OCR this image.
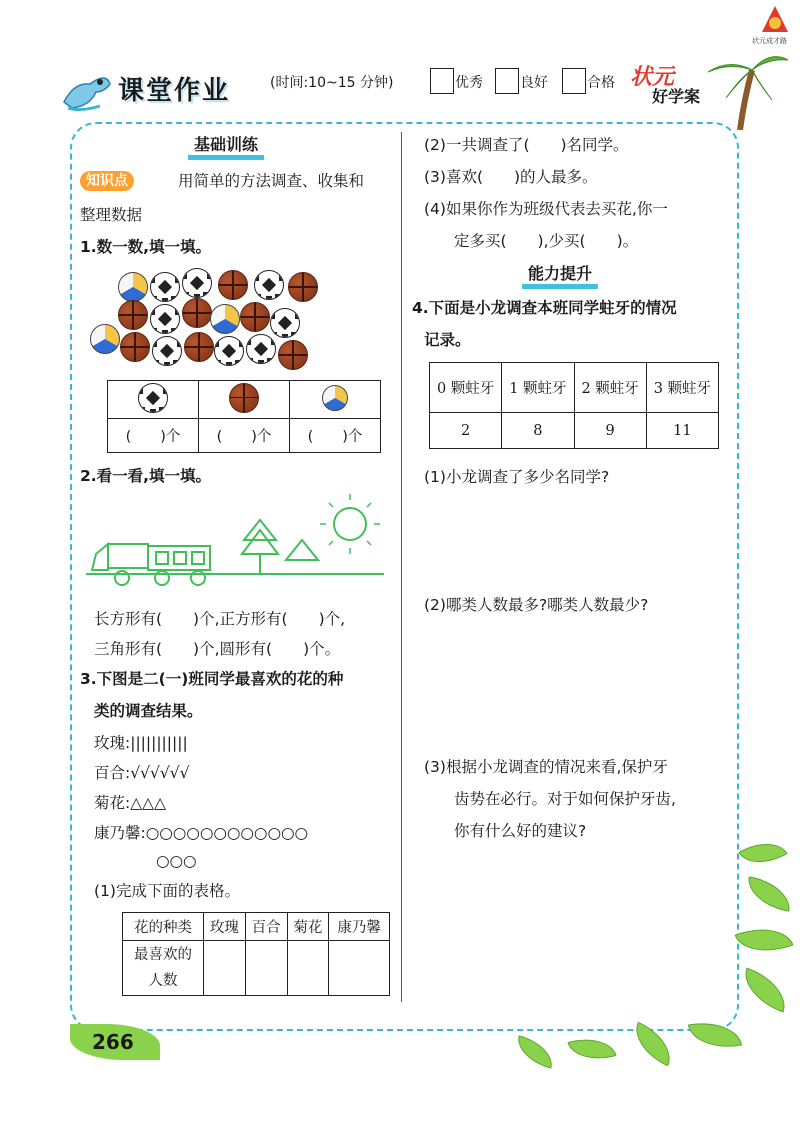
课堂作业	(时间:10~15 分钟)	优秀	良好	合格 状元
好学案
状元成才路
基础训练
知识点	用简单的方法调查、收集和
整理数据
1.数一数,填一填。

(　　)个	(　　)个	(　　)个
2.看一看,填一填。
长方形有(　　)个,正方形有(　　)个,
三角形有(　　)个,圆形有(　　)个。
3.下图是二(一)班同学最喜欢的花的种
类的调查结果。
玫瑰:|||||||||||
百合:√√√√√√
菊花:△△△
康乃馨:○○○○○○○○○○○○
○○○
(1)完成下面的表格。
花的种类	玫瑰	百合	菊花	康乃馨

最喜欢的
人数				

(2)一共调查了(　　)名同学。
(3)喜欢(　　)的人最多。
(4)如果你作为班级代表去买花,你一
定多买(　　),少买(　　)。
能力提升
4.下面是小龙调查本班同学蛀牙的情况
记录。
0 颗蛀牙	1 颗蛀牙	2 颗蛀牙	3 颗蛀牙
2	8	9	11
(1)小龙调查了多少名同学?
(2)哪类人数最多?哪类人数最少?
(3)根据小龙调查的情况来看,保护牙
齿势在必行。对于如何保护牙齿,
你有什么好的建议?
266
